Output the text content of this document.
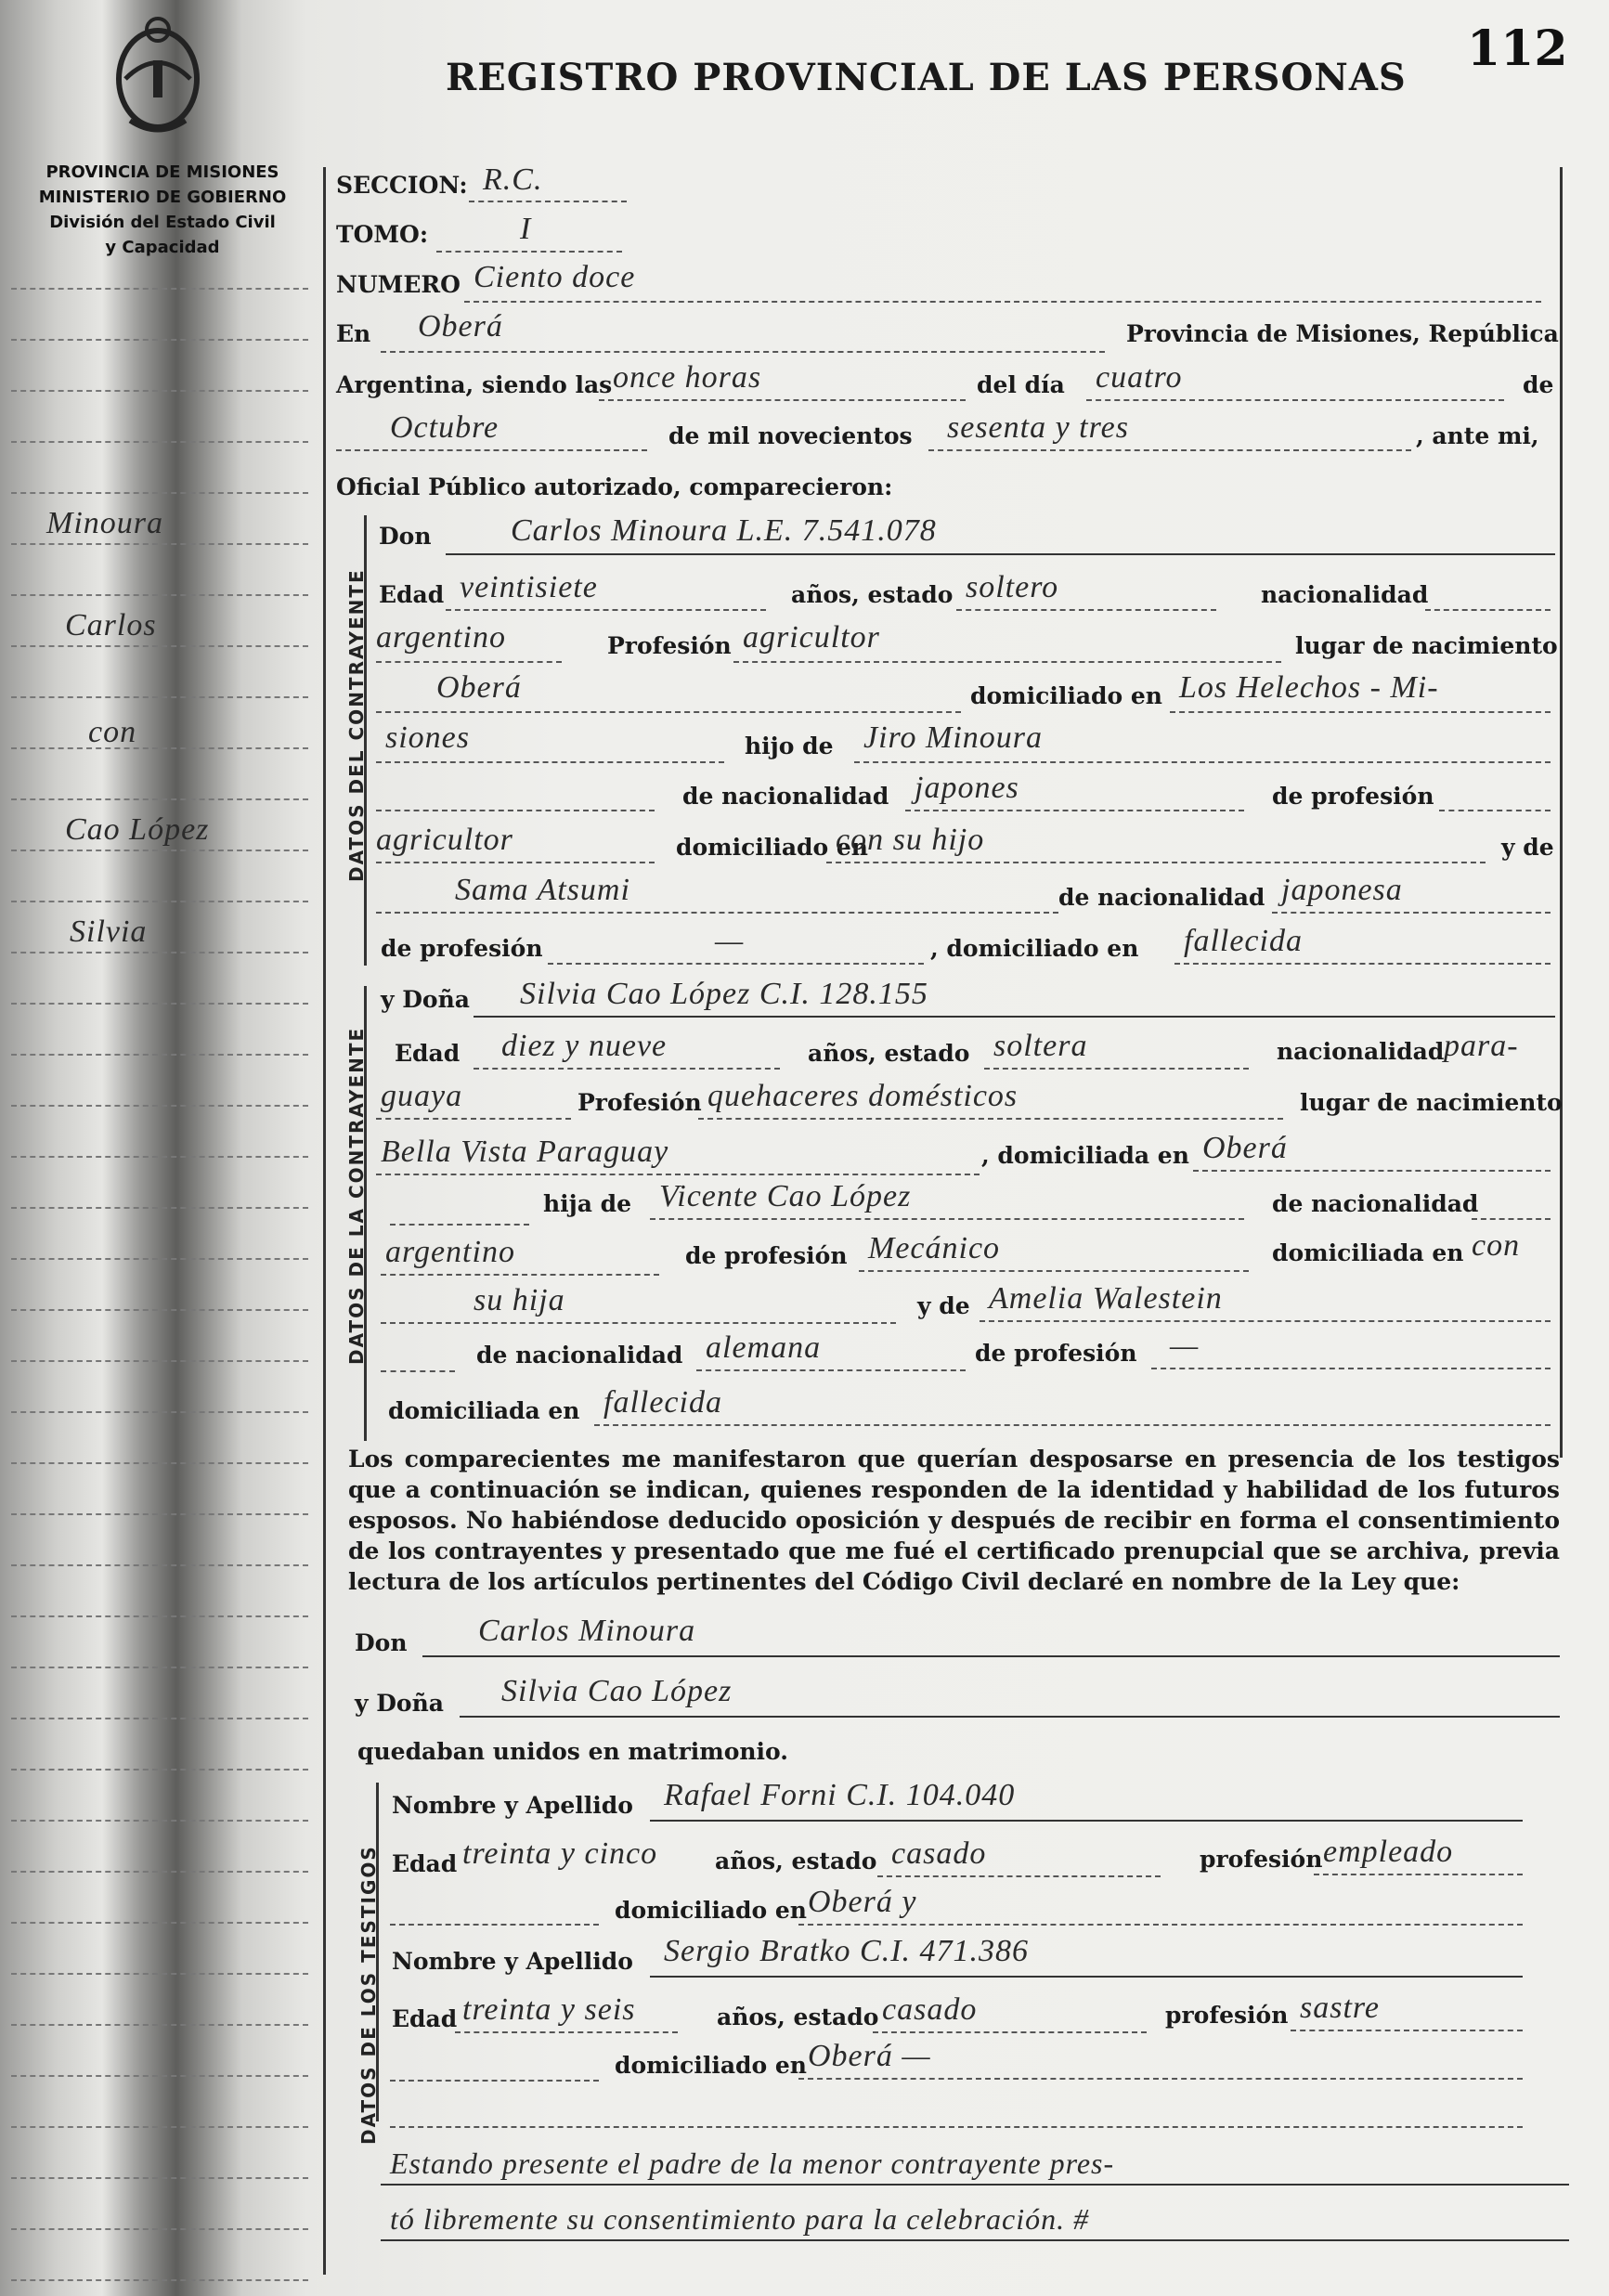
REGISTRO PROVINCIAL DE LAS PERSONAS
112
PROVINCIA DE MISIONES
MINISTERIO DE GOBIERNO
División del Estado Civil
y Capacidad
Minoura
Carlos
con
Cao López
Silvia
SECCION: R.C.
TOMO:	I
NUMERO Ciento doce
En Oberá	Provincia de Misiones, República
Argentina, siendo las once horas	del día cuatro	de
Octubre	de mil novecientos sesenta y tres	, ante mi,
Oficial Público autorizado, comparecieron:
DATOS DEL CONTRAYENTE
Don	Carlos Minoura L.E. 7.541.078
Edad veintisiete	años, estado soltero	nacionalidad
argentino	Profesión agricultor	lugar de nacimiento
Oberá	domiciliado en Los Helechos - Mi-
siones	hijo de Jiro Minoura
de nacionalidad japones	de profesión
agricultor	domiciliado en
con su hijo	y de
Sama Atsumi	de nacionalidad japonesa
de profesión	—	, domiciliado en fallecida
DATOS DE LA CONTRAYENTE
y Doña Silvia Cao López C.I. 128.155
Edad diez y nueve	años, estado soltera	nacionalidad para-
guaya	Profesión quehaceres domésticos	lugar de nacimiento
Bella Vista Paraguay	, domiciliada en Oberá
hija de Vicente Cao López	de nacionalidad
argentino	de profesión Mecánico	domiciliada en con
su hija	y de Amelia Walestein
de nacionalidad alemana	de profesión —
domiciliada en fallecida
Los comparecientes me manifestaron que querían desposarse en presencia de los testigos que a continuación se indican, quienes responden de la identidad y habilidad de los futuros esposos. No habiéndose deducido oposición y después de recibir en forma el consentimiento de los contrayentes y presentado que me fué el certificado prenupcial que se archiva, previa lectura de los artículos pertinentes del Código Civil declaré en nombre de la Ley que:
Don Carlos Minoura
y Doña Silvia Cao López
quedaban unidos en matrimonio.
DATOS DE LOS TESTIGOS
Nombre y Apellido Rafael Forni C.I. 104.040
Edad treinta y cinco años, estado casado	profesión empleado
domiciliado en Oberá y
Nombre y Apellido Sergio Bratko C.I. 471.386
Edad treinta y seis	años, estado casado	profesión sastre
domiciliado en Oberá —
Estando presente el padre de la menor contrayente pres-
tó libremente su consentimiento para la celebración. #
